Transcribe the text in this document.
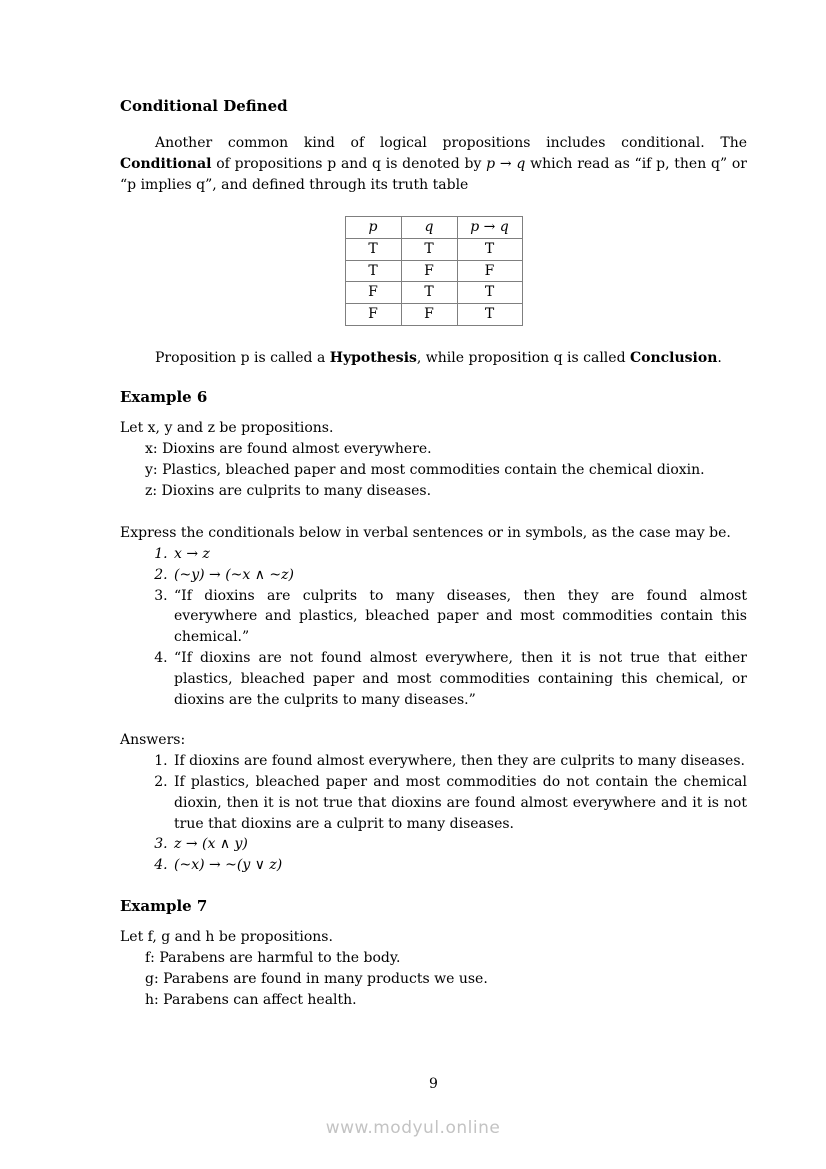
Conditional Defined

Another common kind of logical propositions includes conditional. The Conditional of propositions p and q is denoted by p → q which read as “if p, then q” or “p implies q”, and defined through its truth table

p	q	p → q
T	T	T
T	F	F
F	T	T
F	F	T

Proposition p is called a Hypothesis, while proposition q is called Conclusion.

Example 6

Let x, y and z be propositions.

x: Dioxins are found almost everywhere.
y: Plastics, bleached paper and most commodities contain the chemical dioxin.
z: Dioxins are culprits to many diseases.

Express the conditionals below in verbal sentences or in symbols, as the case may be.

1. x → z
2. (~y) → (~x ∧ ~z)
3. “If dioxins are culprits to many diseases, then they are found almost everywhere and plastics, bleached paper and most commodities contain this chemical.”
4. “If dioxins are not found almost everywhere, then it is not true that either plastics, bleached paper and most commodities containing this chemical, or dioxins are the culprits to many diseases.”

Answers:

1. If dioxins are found almost everywhere, then they are culprits to many diseases.
2. If plastics, bleached paper and most commodities do not contain the chemical dioxin, then it is not true that dioxins are found almost everywhere and it is not true that dioxins are a culprit to many diseases.
3. z → (x ∧ y)
4. (~x) → ~(y ∨ z)
Example 7

Let f, g and h be propositions.

f: Parabens are harmful to the body.
g: Parabens are found in many products we use.
h: Parabens can affect health.
9
www.modyul.online
